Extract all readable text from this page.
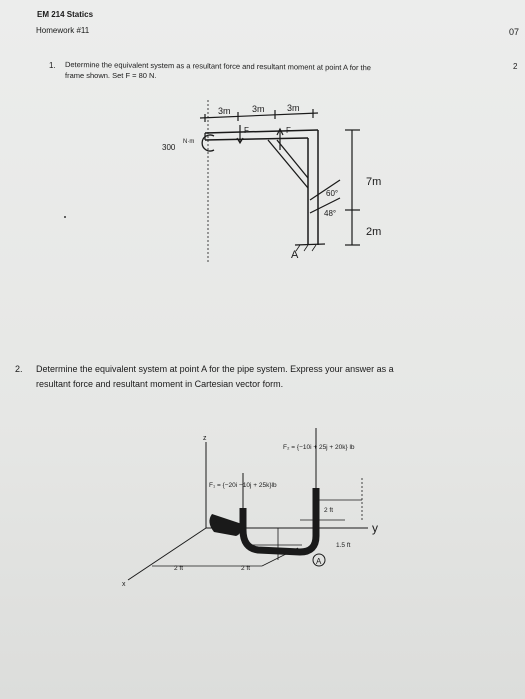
EM 214 Statics
Homework #11	07
2
1. Determine the equivalent system as a resultant force and resultant moment at point A for the
frame shown. Set F = 80 N.
3m 3m 3m
300
N·m
F	F
7m
2m
60°
48°
A
2. Determine the equivalent system at point A for the pipe system. Express your answer as a
resultant force and resultant moment in Cartesian vector form.
F₂ = {−10i + 25j + 20k} lb
F₁ = {−20i −10j + 25k}lb
2 ft
1.5 ft
2 ft	2 ft
z
y
x
O
A
